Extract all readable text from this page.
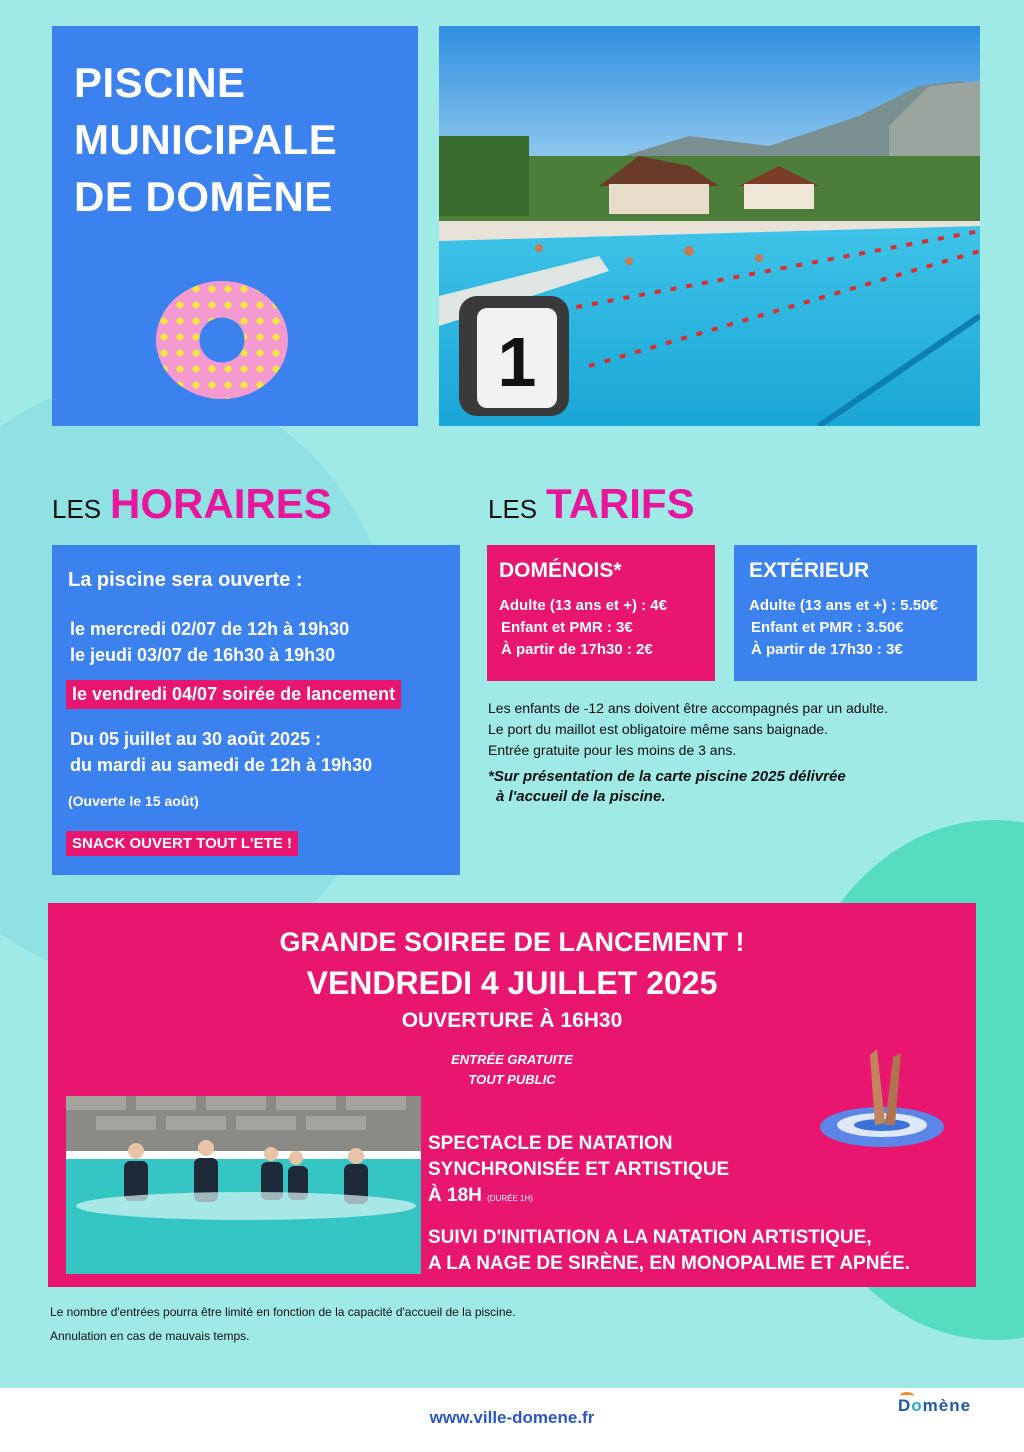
PISCINE
MUNICIPALE
DE DOMÈNE
1
LES HORAIRES
La piscine sera ouverte :
le mercredi 02/07 de 12h à 19h30
le jeudi 03/07 de 16h30 à 19h30
le vendredi 04/07 soirée de lancement
Du 05 juillet au 30 août 2025 :
du mardi au samedi de 12h à 19h30
(Ouverte le 15 août)
SNACK OUVERT TOUT L'ETE !
LES TARIFS
DOMÉNOIS*
Adulte (13 ans et +) : 4€
Enfant et PMR : 3€
À partir de 17h30 : 2€
EXTÉRIEUR
Adulte (13 ans et +) : 5.50€
Enfant et PMR : 3.50€
À partir de 17h30 : 3€
Les enfants de -12 ans doivent être accompagnés par un adulte.
Le port du maillot est obligatoire même sans baignade.
Entrée gratuite pour les moins de 3 ans.
*Sur présentation de la carte piscine 2025 délivrée
à l'accueil de la piscine.
GRANDE SOIREE DE LANCEMENT !
VENDREDI 4 JUILLET 2025
OUVERTURE À 16H30
ENTRÉE GRATUITE
TOUT PUBLIC
SPECTACLE DE NATATION
SYNCHRONISÉE ET ARTISTIQUE
À 18H (DURÉE 1H)
SUIVI D'INITIATION A LA NATATION ARTISTIQUE,
A LA NAGE DE SIRÈNE, EN MONOPALME ET APNÉE.
Le nombre d'entrées pourra être limité en fonction de la capacité d'accueil de la piscine.
Annulation en cas de mauvais temps.
www.ville-domene.fr
Domène
